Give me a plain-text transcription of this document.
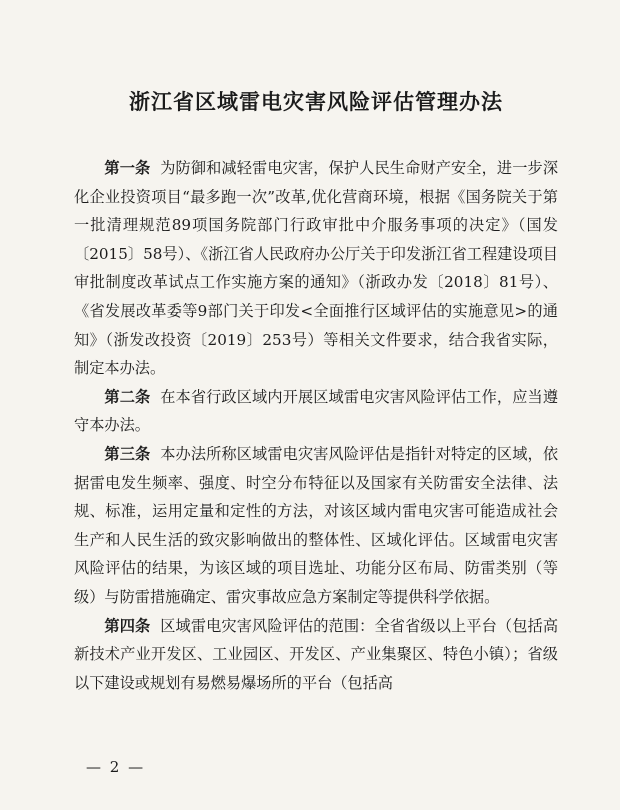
浙江省区域雷电灾害风险评估管理办法

第一条 为防御和减轻雷电灾害，保护人民生命财产安全，进一步深化企业投资项目“最多跑一次”改革,优化营商环境，根据《国务院关于第一批清理规范89项国务院部门行政审批中介服务事项的决定》（国发〔2015〕58号）、《浙江省人民政府办公厅关于印发浙江省工程建设项目审批制度改革试点工作实施方案的通知》（浙政办发〔2018〕81号）、《省发展改革委等9部门关于印发<全面推行区域评估的实施意见>的通知》（浙发改投资〔2019〕253号）等相关文件要求，结合我省实际，制定本办法。

第二条 在本省行政区域内开展区域雷电灾害风险评估工作，应当遵守本办法。

第三条 本办法所称区域雷电灾害风险评估是指针对特定的区域，依据雷电发生频率、强度、时空分布特征以及国家有关防雷安全法律、法规、标准，运用定量和定性的方法，对该区域内雷电灾害可能造成社会生产和人民生活的致灾影响做出的整体性、区域化评估。区域雷电灾害风险评估的结果，为该区域的项目选址、功能分区布局、防雷类别（等级）与防雷措施确定、雷灾事故应急方案制定等提供科学依据。

第四条 区域雷电灾害风险评估的范围：全省省级以上平台（包括高新技术产业开发区、工业园区、开发区、产业集聚区、特色小镇）；省级以下建设或规划有易燃易爆场所的平台（包括高

— 2 —
